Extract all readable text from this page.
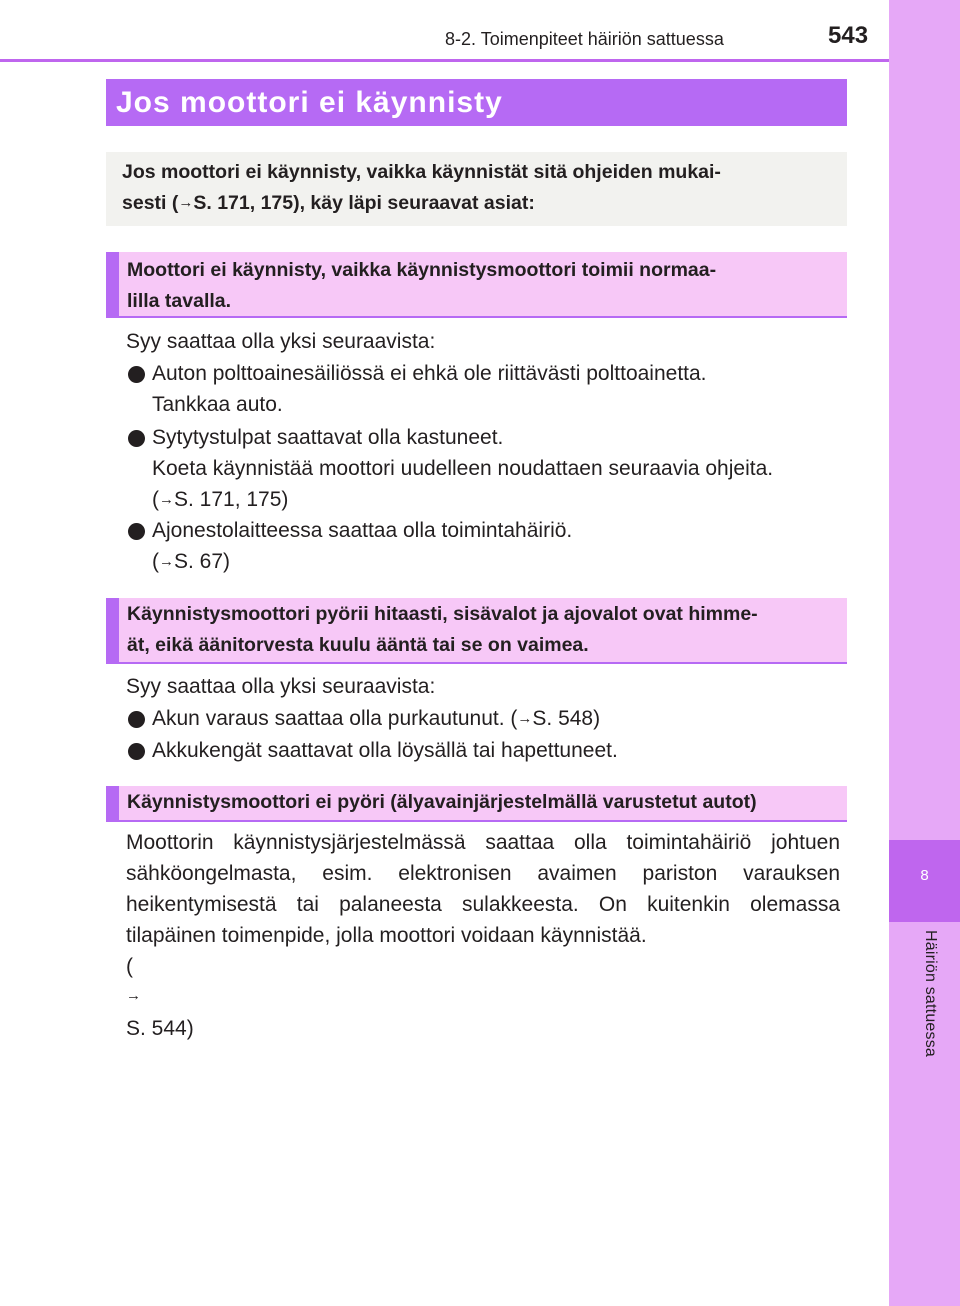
8
Häiriön sattuessa
8-2. Toimenpiteet häiriön sattuessa	543
Jos moottori ei käynnisty

Jos moottori ei käynnisty, vaikka käynnistät sitä ohjeiden mukai-
sesti (→S. 171, 175), käy läpi seuraavat asiat:

Moottori ei käynnisty, vaikka käynnistysmoottori toimii normaa-
lilla tavalla.

Syy saattaa olla yksi seuraavista:
Auton polttoainesäiliössä ei ehkä ole riittävästi polttoainetta.
Tankkaa auto.
Sytytystulpat saattavat olla kastuneet.
Koeta käynnistää moottori uudelleen noudattaen seuraavia ohjeita.
(→S. 171, 175)
Ajonestolaitteessa saattaa olla toimintahäiriö.
(→S. 67)

Käynnistysmoottori pyörii hitaasti, sisävalot ja ajovalot ovat himme-
ät, eikä äänitorvesta kuulu ääntä tai se on vaimea.

Syy saattaa olla yksi seuraavista:
Akun varaus saattaa olla purkautunut. (→S. 548)
Akkukengät saattavat olla löysällä tai hapettuneet.

Käynnistysmoottori ei pyöri (älyavainjärjestelmällä varustetut autot)

Moottorin käynnistysjärjestelmässä saattaa olla toimintahäiriö johtuen
sähköongelmasta, esim. elektronisen avaimen pariston varauksen
heikentymisestä tai palaneesta sulakkeesta. On kuitenkin olemassa
tilapäinen toimenpide, jolla moottori voidaan käynnistää.
(
→
S. 544)
